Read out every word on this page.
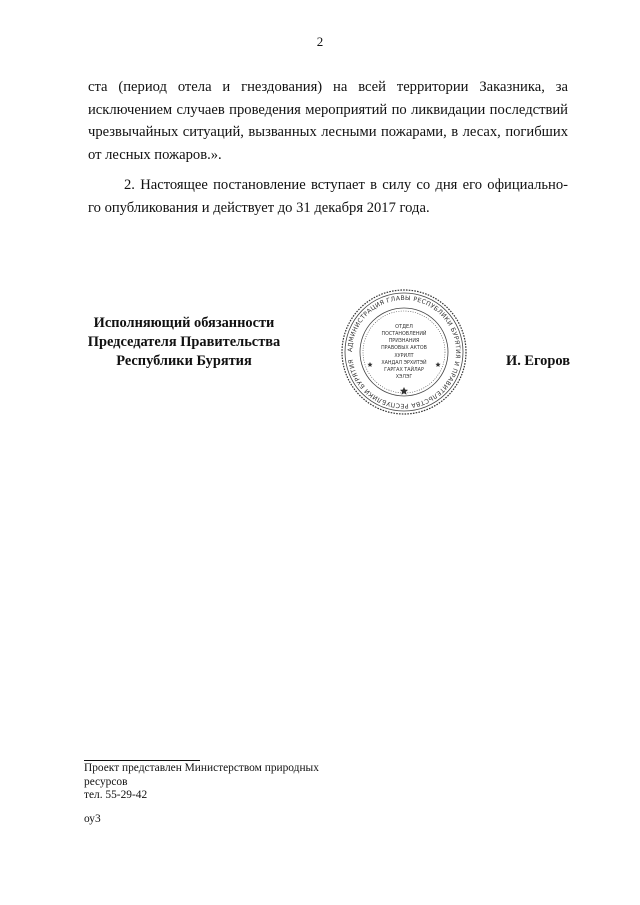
2
ста (период отела и гнездования) на всей территории Заказника, за исключением случаев проведения мероприятий по ликвидации последствий чрезвычайных ситуаций, вызванных лесными пожарами, в лесах, погибших от лесных пожаров.».
2. Настоящее постановление вступает в силу со дня его официально-
го опубликования и действует до 31 декабря 2017 года.
Исполняющий обязанности
Председателя Правительства
Республики Бурятия
АДМИНИСТРАЦИЯ ГЛАВЫ РЕСПУБЛИКИ БУРЯТИЯ И ПРАВИТЕЛЬСТВА РЕСПУБЛИКИ БУРЯТИЯ
ОТДЕЛ
ПОСТАНОВЛЕНИЙ
ПРИЗНАНИЯ
ПРАВОВЫХ АКТОВ
ХУРИЛТ
ХАНДАЛ ЭРХИТЭЙ
ГАРГАХ ТАЙЛАР
ХЭЛЭГ
И. Егоров
Проект представлен Министерством природных
ресурсов
тел. 55-29-42
оу3
